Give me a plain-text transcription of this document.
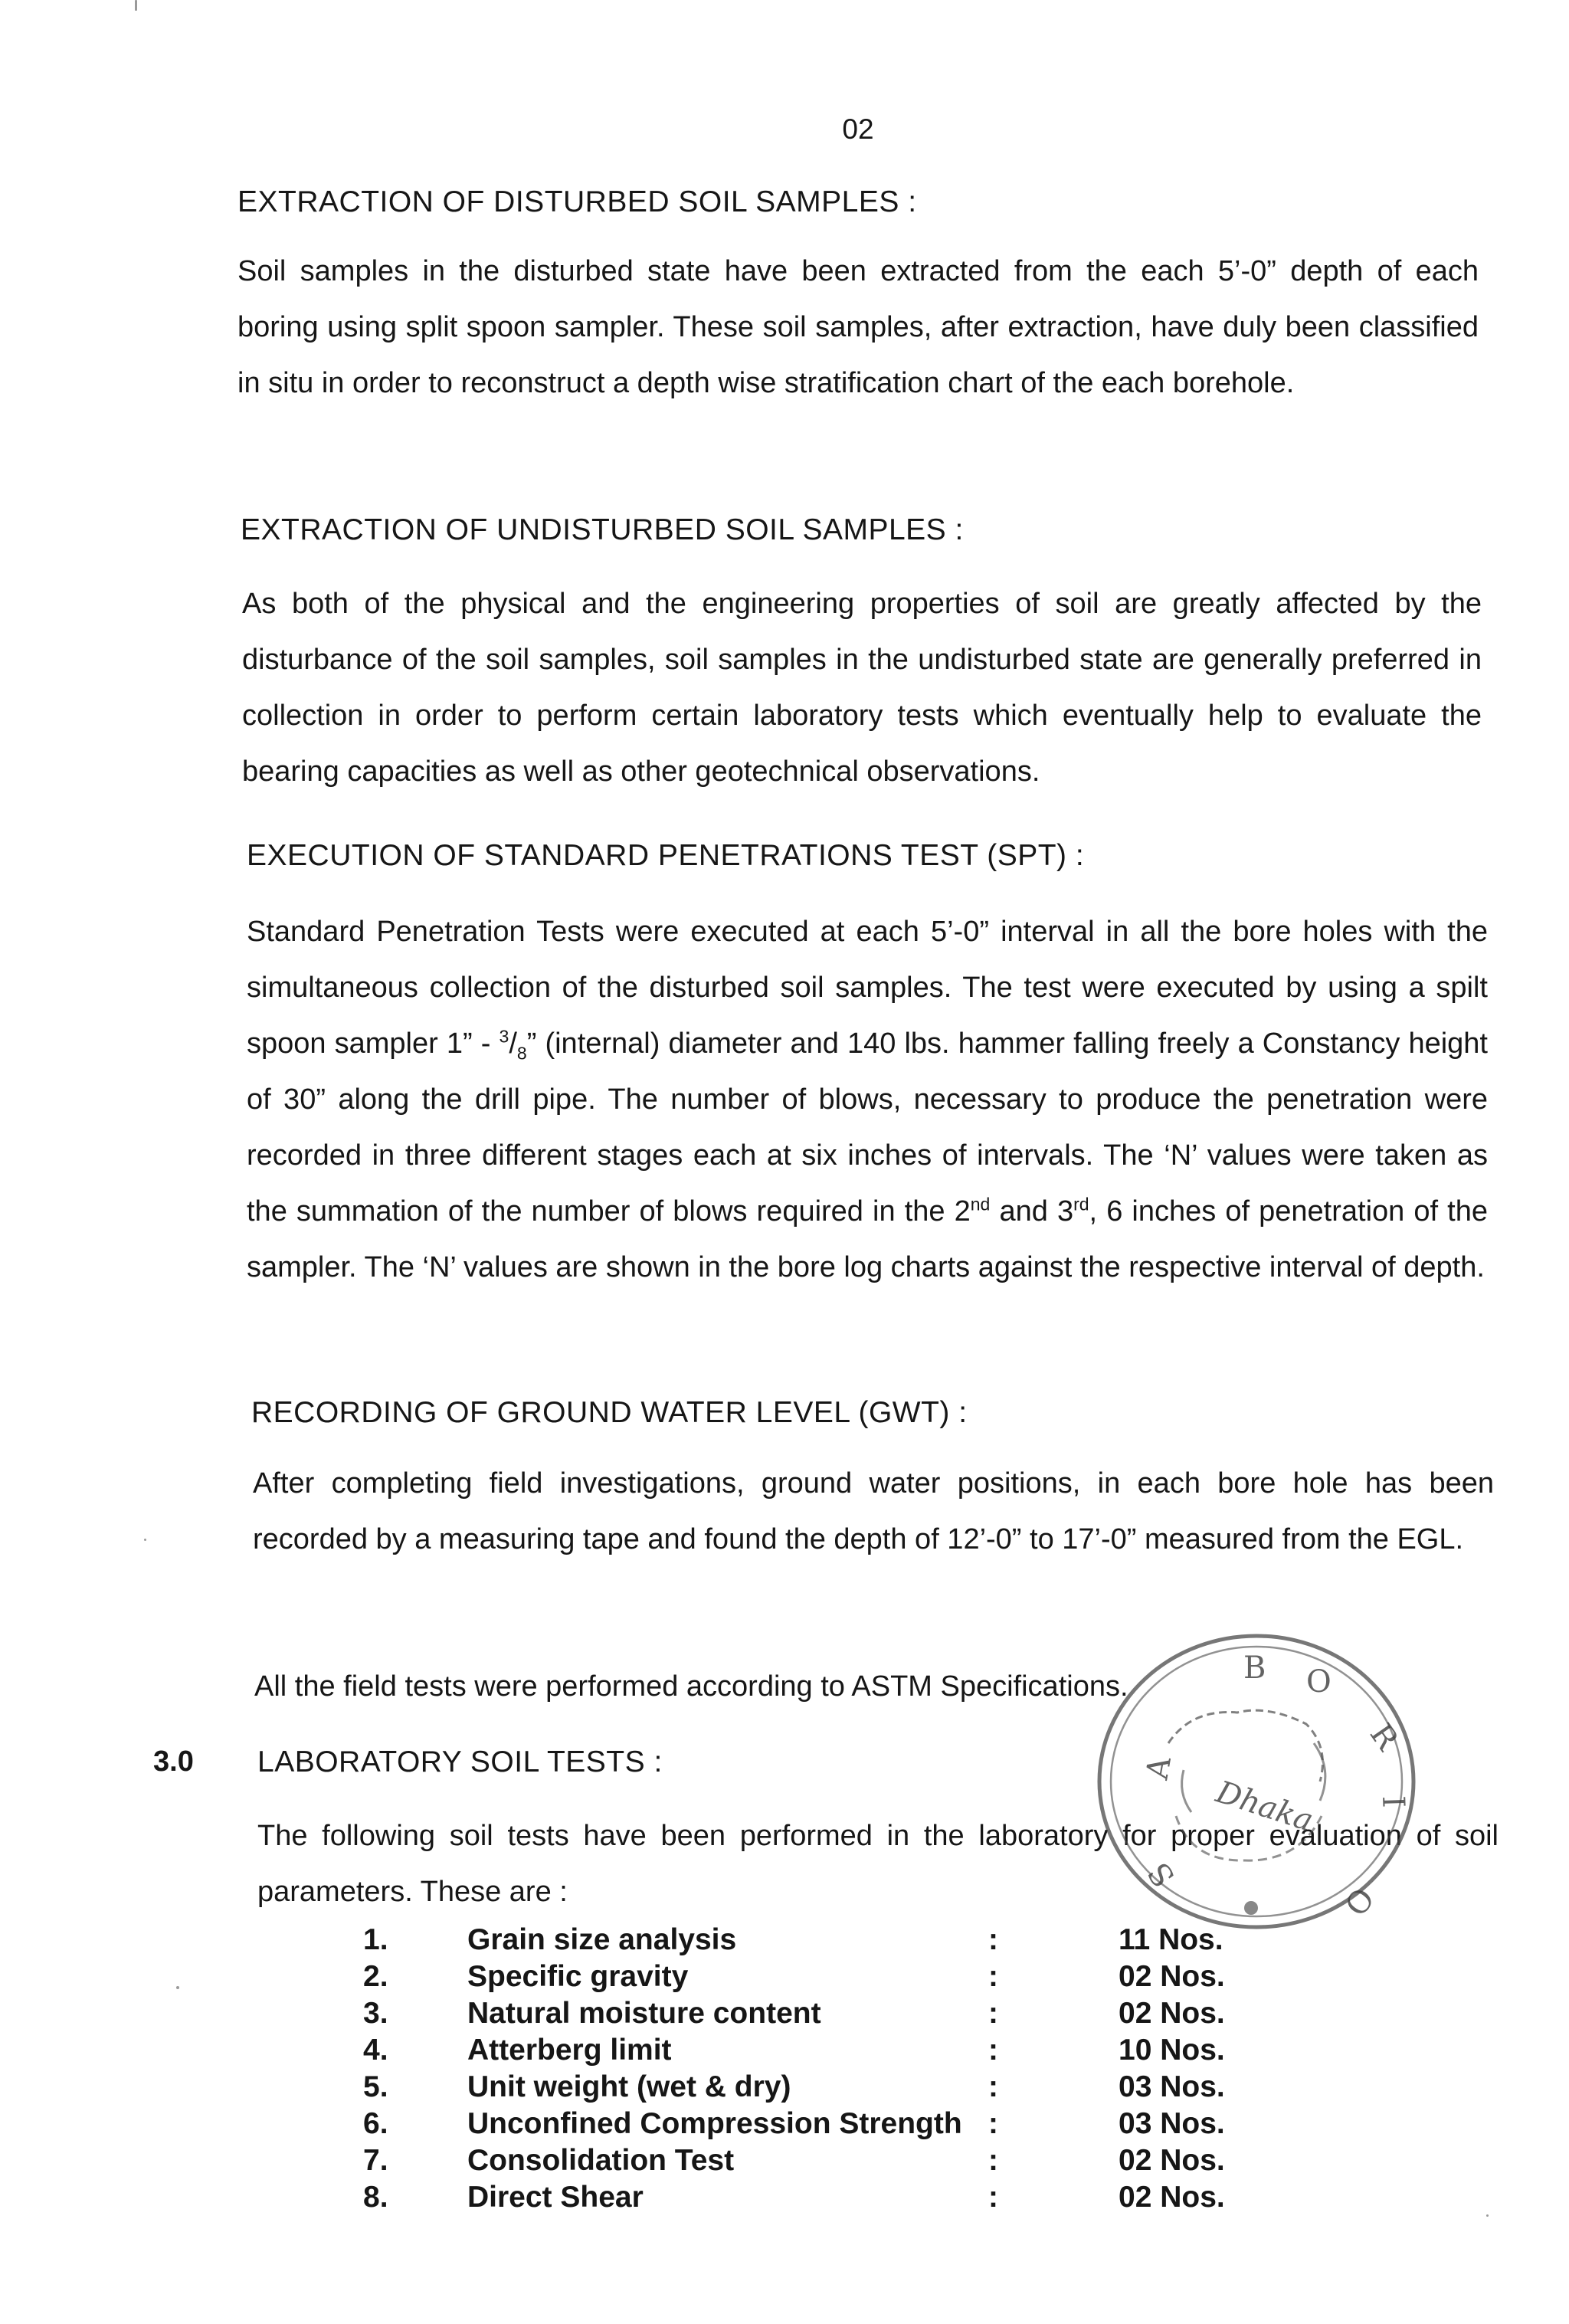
02
EXTRACTION OF DISTURBED SOIL SAMPLES :

Soil samples in the disturbed state have been extracted from the each 5’-0” depth of each boring using split spoon sampler. These soil samples, after extraction, have duly been classified in situ in order to reconstruct a depth wise stratification chart of the each borehole.

EXTRACTION OF UNDISTURBED SOIL SAMPLES :

As both of the physical and the engineering properties of soil are greatly affected by the disturbance of the soil samples, soil samples in the undisturbed state are generally preferred in collection in order to perform certain laboratory tests which eventually help to evaluate the bearing capacities as well as other geotechnical observations.

EXECUTION OF STANDARD PENETRATIONS TEST (SPT) :

Standard Penetration Tests were executed at each 5’-0” interval in all the bore holes with the simultaneous collection of the disturbed soil samples. The test were executed by using a spilt spoon sampler 1” - $^3/_8$” (internal) diameter and 140 lbs. hammer falling freely a Constancy height of 30” along the drill pipe. The number of blows, necessary to produce the penetration were recorded in three different stages each at six inches of intervals. The ‘N’ values were taken as the summation of the number of blows required in the 2nd and 3rd, 6 inches of penetration of the sampler. The ‘N’ values are shown in the bore log charts against the respective interval of depth.

RECORDING OF GROUND WATER LEVEL (GWT) :

After completing field investigations, ground water positions, in each bore hole has been recorded by a measuring tape and found the depth of 12’-0” to 17’-0” measured from the EGL.

All the field tests were performed according to ASTM Specifications.
3.0 LABORATORY SOIL TESTS :

The following soil tests have been performed in the laboratory for proper evaluation of soil parameters. These are :

1.	Grain size analysis	:	11 Nos.
2.	Specific gravity	:	02 Nos.
3.	Natural moisture content	:	02 Nos.
4.	Atterberg limit	:	10 Nos.
5.	Unit weight (wet & dry)	:	03 Nos.
6.	Unconfined Compression Strength :	03 Nos.
7.	Consolidation Test	:	02 Nos.
8.	Direct Shear	:	02 Nos.
B O
R
I
O
A
S
Dhaka
